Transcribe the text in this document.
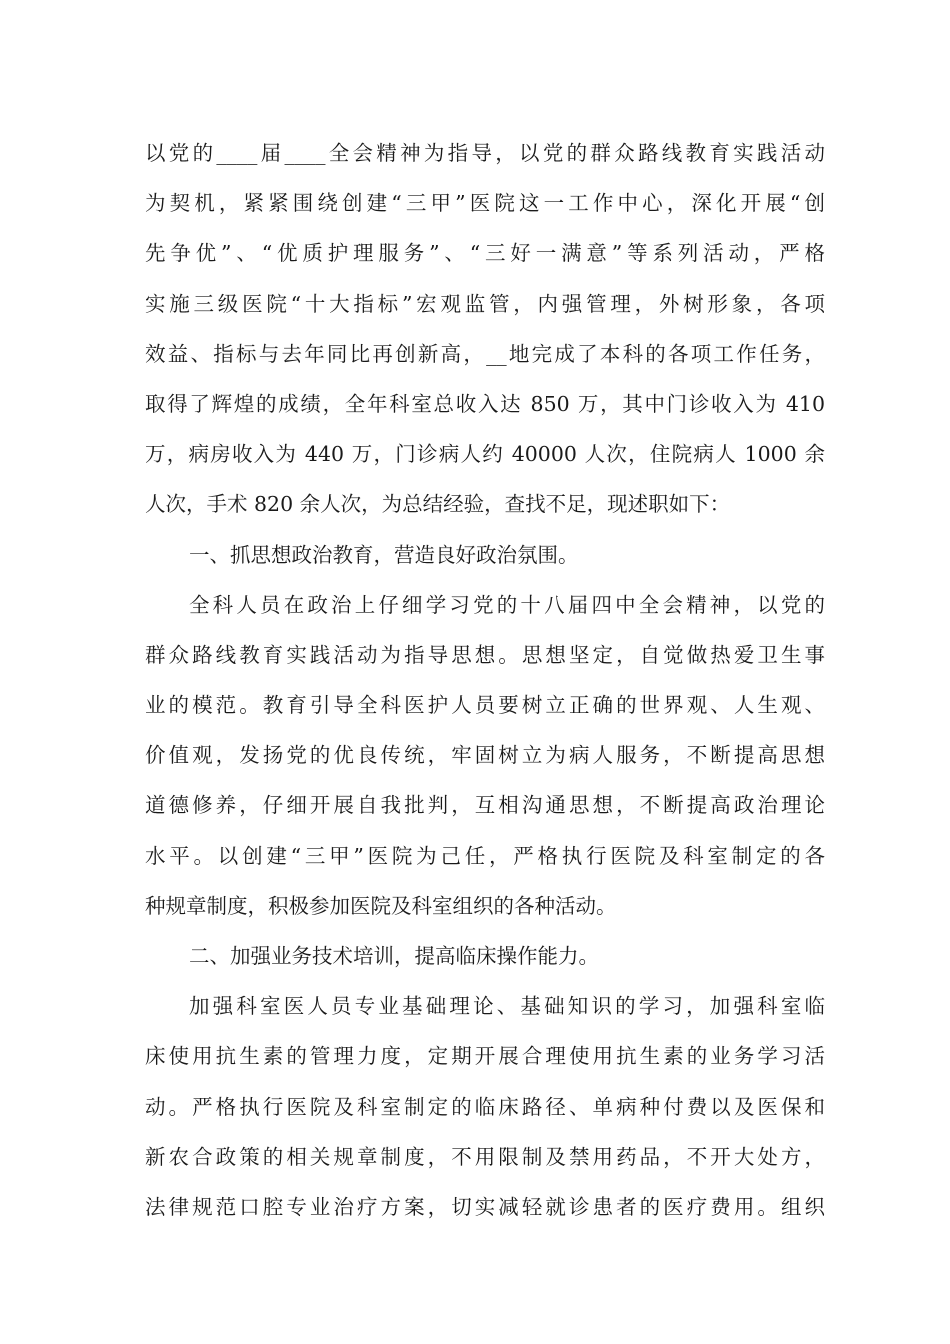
以党的____届____全会精神为指导，以党的群众路线教育实践活动
为契机，紧紧围绕创建“三甲”医院这一工作中心，深化开展“创
先争优”、“优质护理服务”、“三好一满意”等系列活动，严格
实施三级医院“十大指标”宏观监管，内强管理，外树形象，各项
效益、指标与去年同比再创新高，__地完成了本科的各项工作任务，
取得了辉煌的成绩，全年科室总收入达 850 万，其中门诊收入为 410
万，病房收入为 440 万，门诊病人约 40000 人次，住院病人 1000 余
人次，手术 820 余人次，为总结经验，查找不足，现述职如下：
一、抓思想政治教育，营造良好政治氛围。
全科人员在政治上仔细学习党的十八届四中全会精神，以党的
群众路线教育实践活动为指导思想。思想坚定，自觉做热爱卫生事
业的模范。教育引导全科医护人员要树立正确的世界观、人生观、
价值观，发扬党的优良传统，牢固树立为病人服务，不断提高思想
道德修养，仔细开展自我批判，互相沟通思想，不断提高政治理论
水平。以创建“三甲”医院为己任，严格执行医院及科室制定的各
种规章制度，积极参加医院及科室组织的各种活动。
二、加强业务技术培训，提高临床操作能力。
加强科室医人员专业基础理论、基础知识的学习，加强科室临
床使用抗生素的管理力度，定期开展合理使用抗生素的业务学习活
动。严格执行医院及科室制定的临床路径、单病种付费以及医保和
新农合政策的相关规章制度，不用限制及禁用药品，不开大处方，
法律规范口腔专业治疗方案，切实减轻就诊患者的医疗费用。组织
